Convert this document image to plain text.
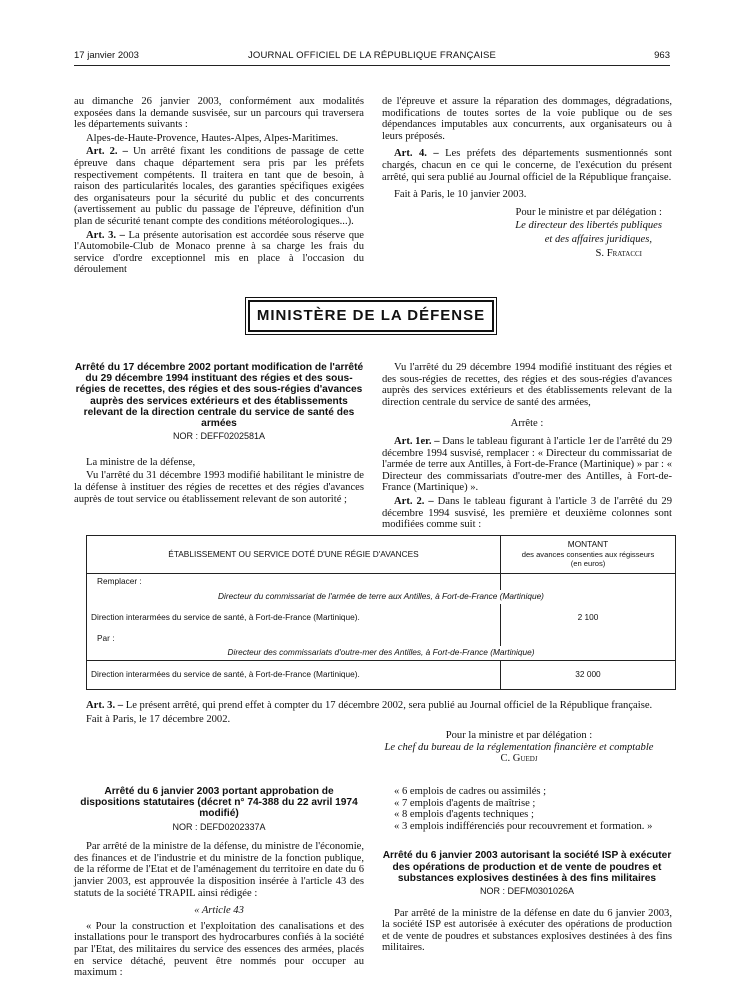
17 janvier 2003	JOURNAL OFFICIEL DE LA RÉPUBLIQUE FRANÇAISE	963

au dimanche 26 janvier 2003, conformément aux modalités exposées dans la demande susvisée, sur un parcours qui traversera les départements suivants :

Alpes-de-Haute-Provence, Hautes-Alpes, Alpes-Maritimes.

Art. 2. – Un arrêté fixant les conditions de passage de cette épreuve dans chaque département sera pris par les préfets respectivement compétents. Il traitera en tant que de besoin, à raison des particularités locales, des garanties spécifiques exigées des organisateurs pour la sécurité du public et des concurrents (avertissement au public du passage de l'épreuve, définition d'un plan de sécurité tenant compte des conditions météorologiques...).

Art. 3. – La présente autorisation est accordée sous réserve que l'Automobile-Club de Monaco prenne à sa charge les frais du service d'ordre exceptionnel mis en place à l'occasion du déroulement

de l'épreuve et assure la réparation des dommages, dégradations, modifications de toutes sortes de la voie publique ou de ses dépendances imputables aux concurrents, aux organisateurs ou à leurs préposés.

Art. 4. – Les préfets des départements susmentionnés sont chargés, chacun en ce qui le concerne, de l'exécution du présent arrêté, qui sera publié au Journal officiel de la République française.

Fait à Paris, le 10 janvier 2003.

Pour le ministre et par délégation :

Le directeur des libertés publiques

et des affaires juridiques,

S. Fratacci

MINISTÈRE DE LA DÉFENSE

Arrêté du 17 décembre 2002 portant modification de l'arrêté du 29 décembre 1994 instituant des régies et des sous-régies de recettes, des régies et des sous-régies d'avances auprès des services extérieurs et des établissements relevant de la direction centrale du service de santé des armées

NOR : DEFF0202581A

La ministre de la défense,

Vu l'arrêté du 31 décembre 1993 modifié habilitant le ministre de la défense à instituer des régies de recettes et des régies d'avances auprès de tout service ou établissement relevant de son autorité ;

Vu l'arrêté du 29 décembre 1994 modifié instituant des régies et des sous-régies de recettes, des régies et des sous-régies d'avances auprès des services extérieurs et des établissements relevant de la direction centrale du service de santé des armées,

Arrête :

Art. 1er. – Dans le tableau figurant à l'article 1er de l'arrêté du 29 décembre 1994 susvisé, remplacer : « Directeur du commissariat de l'armée de terre aux Antilles, à Fort-de-France (Martinique) » par : « Directeur des commissariats d'outre-mer des Antilles, à Fort-de-France (Martinique) ».

Art. 2. – Dans le tableau figurant à l'article 3 de l'arrêté du 29 décembre 1994 susvisé, les première et deuxième colonnes sont modifiées comme suit :

ÉTABLISSEMENT OU SERVICE DOTÉ D'UNE RÉGIE D'AVANCES	MONTANT
des avances consenties aux régisseurs
(en euros)

Remplacer :	
Directeur du commissariat de l'armée de terre aux Antilles, à Fort-de-France (Martinique)	
Direction interarmées du service de santé, à Fort-de-France (Martinique).	2 100
Par :	
Directeur des commissariats d'outre-mer des Antilles, à Fort-de-France (Martinique)	
Direction interarmées du service de santé, à Fort-de-France (Martinique).	32 000

Art. 3. – Le présent arrêté, qui prend effet à compter du 17 décembre 2002, sera publié au Journal officiel de la République française.

Fait à Paris, le 17 décembre 2002.

Pour la ministre et par délégation :
Le chef du bureau de la réglementation financière et comptable
C. Guedj

Arrêté du 6 janvier 2003 portant approbation de dispositions statutaires (décret n° 74-388 du 22 avril 1974 modifié)

NOR : DEFD0202337A

Par arrêté de la ministre de la défense, du ministre de l'économie, des finances et de l'industrie et du ministre de la fonction publique, de la réforme de l'Etat et de l'aménagement du territoire en date du 6 janvier 2003, est approuvée la disposition insérée à l'article 43 des statuts de la société TRAPIL ainsi rédigée :

« Article 43

« Pour la construction et l'exploitation des canalisations et des installations pour le transport des hydrocarbures confiés à la société par l'Etat, des militaires du service des essences des armées, placés en service détaché, peuvent être nommés pour occuper au maximum :

« 6 emplois de cadres ou assimilés ;

« 7 emplois d'agents de maîtrise ;

« 8 emplois d'agents techniques ;

« 3 emplois indifférenciés pour recouvrement et formation. »

Arrêté du 6 janvier 2003 autorisant la société ISP à exécuter des opérations de production et de vente de poudres et substances explosives destinées à des fins militaires

NOR : DEFM0301026A

Par arrêté de la ministre de la défense en date du 6 janvier 2003, la société ISP est autorisée à exécuter des opérations de production et de vente de poudres et substances explosives destinées à des fins militaires.
